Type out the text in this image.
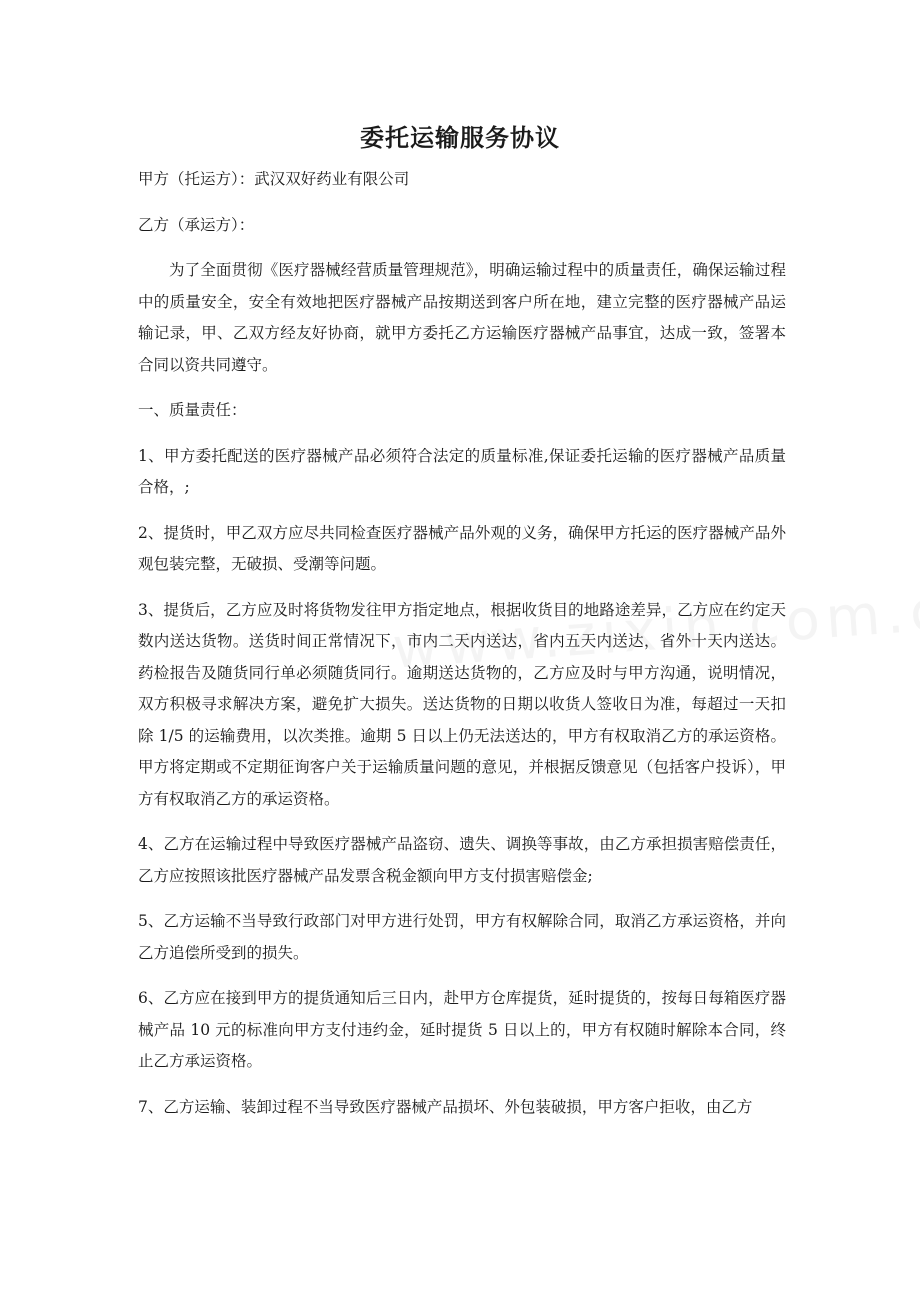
委托运输服务协议

甲方（托运方）：武汉双好药业有限公司

乙方（承运方）：

为了全面贯彻《医疗器械经营质量管理规范》，明确运输过程中的质量责任，确保运输过程中的质量安全，安全有效地把医疗器械产品按期送到客户所在地，建立完整的医疗器械产品运输记录，甲、乙双方经友好协商，就甲方委托乙方运输医疗器械产品事宜，达成一致，签署本合同以资共同遵守。

一、质量责任：

1、甲方委托配送的医疗器械产品必须符合法定的质量标准,保证委托运输的医疗器械产品质量合格，;

2、提货时，甲乙双方应尽共同检查医疗器械产品外观的义务，确保甲方托运的医疗器械产品外观包装完整，无破损、受潮等问题。

3、提货后，乙方应及时将货物发往甲方指定地点，根据收货目的地路途差异，乙方应在约定天数内送达货物。送货时间正常情况下，市内二天内送达，省内五天内送达，省外十天内送达。药检报告及随货同行单必须随货同行。逾期送达货物的，乙方应及时与甲方沟通，说明情况，双方积极寻求解决方案，避免扩大损失。送达货物的日期以收货人签收日为准，每超过一天扣除 1/5 的运输费用，以次类推。逾期 5 日以上仍无法送达的，甲方有权取消乙方的承运资格。甲方将定期或不定期征询客户关于运输质量问题的意见，并根据反馈意见（包括客户投诉），甲方有权取消乙方的承运资格。

4、乙方在运输过程中导致医疗器械产品盗窃、遗失、调换等事故，由乙方承担损害赔偿责任，乙方应按照该批医疗器械产品发票含税金额向甲方支付损害赔偿金;

5、乙方运输不当导致行政部门对甲方进行处罚，甲方有权解除合同，取消乙方承运资格，并向乙方追偿所受到的损失。

6、乙方应在接到甲方的提货通知后三日内，赴甲方仓库提货，延时提货的，按每日每箱医疗器械产品 10 元的标准向甲方支付违约金，延时提货 5 日以上的，甲方有权随时解除本合同，终止乙方承运资格。

7、乙方运输、装卸过程不当导致医疗器械产品损坏、外包装破损，甲方客户拒收，由乙方
